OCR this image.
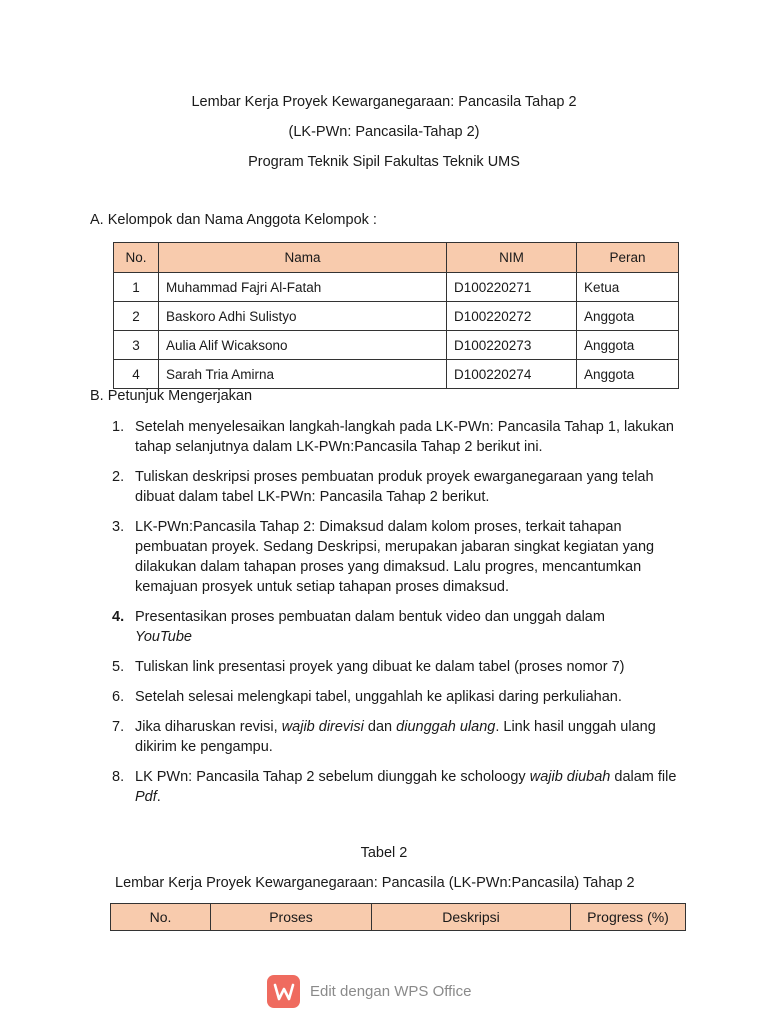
Lembar Kerja Proyek Kewarganegaraan: Pancasila Tahap 2
(LK-PWn: Pancasila-Tahap 2)
Program Teknik Sipil Fakultas Teknik UMS
A. Kelompok dan Nama Anggota Kelompok :
No.	Nama	NIM	Peran
1	Muhammad Fajri Al-Fatah	D100220271	Ketua
2	Baskoro Adhi Sulistyo	D100220272	Anggota
3	Aulia Alif Wicaksono	D100220273	Anggota
4	Sarah Tria Amirna	D100220274	Anggota
B. Petunjuk Mengerjakan
1. Setelah menyelesaikan langkah-langkah pada LK-PWn: Pancasila Tahap 1, lakukan tahap selanjutnya dalam LK-PWn:Pancasila Tahap 2 berikut ini.
2. Tuliskan deskripsi proses pembuatan produk proyek ewarganegaraan yang telah dibuat dalam tabel LK-PWn: Pancasila Tahap 2 berikut.
3. LK-PWn:Pancasila Tahap 2: Dimaksud dalam kolom proses, terkait tahapan pembuatan proyek. Sedang Deskripsi, merupakan jabaran singkat kegiatan yang dilakukan dalam tahapan proses yang dimaksud. Lalu progres, mencantumkan kemajuan prosyek untuk setiap tahapan proses dimaksud.
4. Presentasikan proses pembuatan dalam bentuk video dan unggah dalam
YouTube
5. Tuliskan link presentasi proyek yang dibuat ke dalam tabel (proses nomor 7)
6. Setelah selesai melengkapi tabel, unggahlah ke aplikasi daring perkuliahan.
7. Jika diharuskan revisi, wajib direvisi dan diunggah ulang. Link hasil unggah ulang dikirim ke pengampu.
8. LK PWn: Pancasila Tahap 2 sebelum diunggah ke scholoogy wajib diubah dalam file Pdf.
Tabel 2
Lembar Kerja Proyek Kewarganegaraan: Pancasila (LK-PWn:Pancasila) Tahap 2
No.	Proses	Deskripsi	Progress (%)
Edit dengan WPS Office
